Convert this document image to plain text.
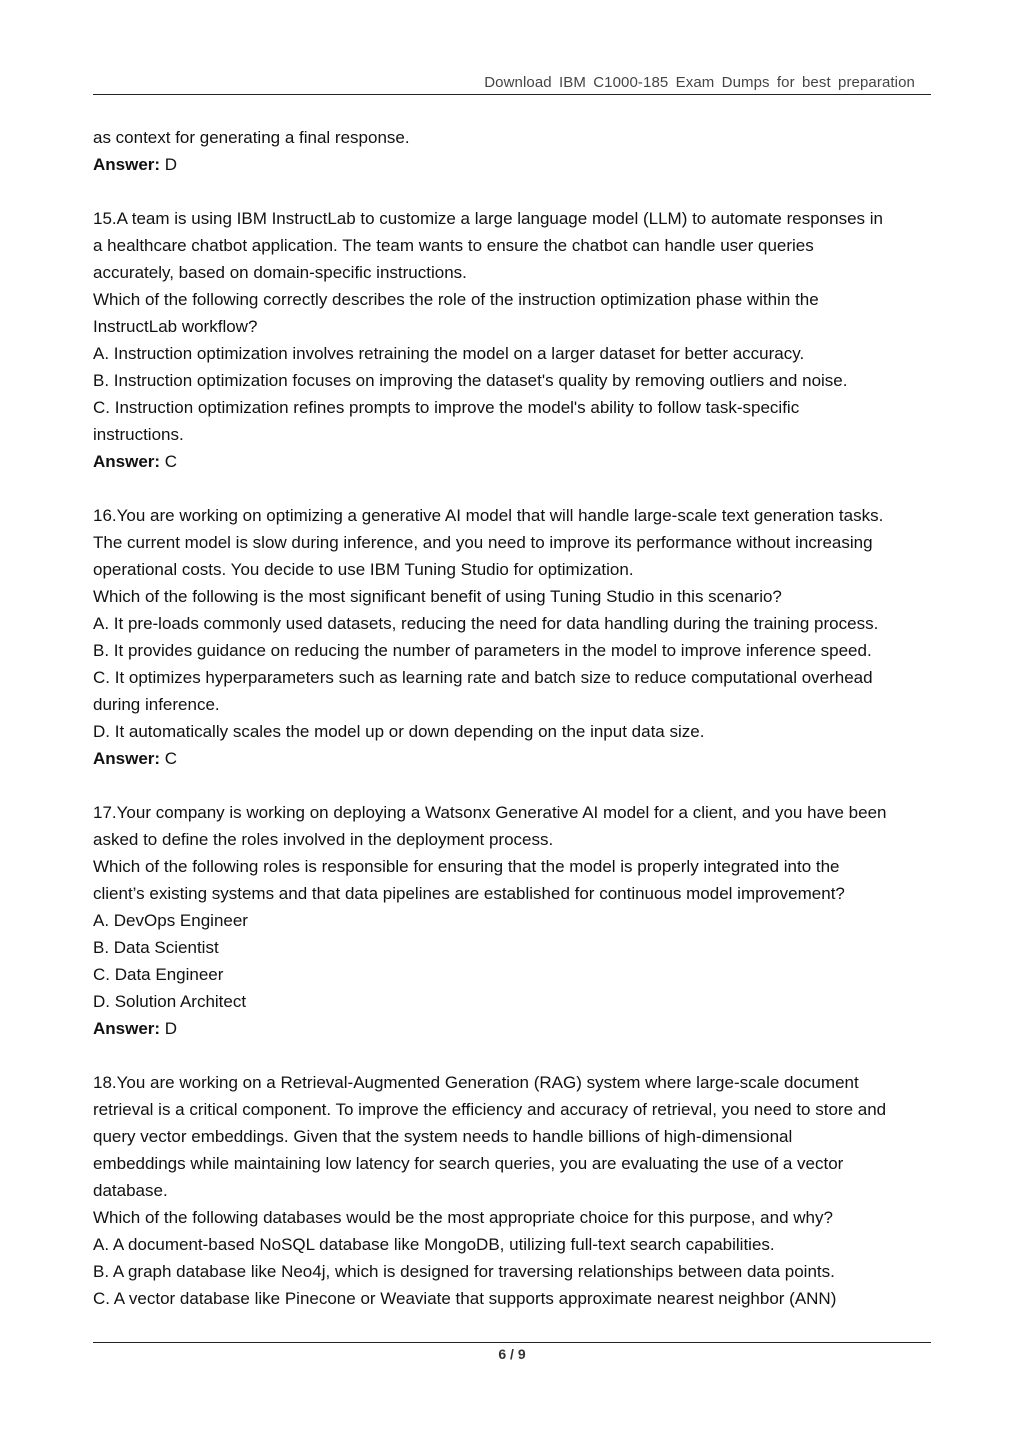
Download IBM C1000-185 Exam Dumps for best preparation

as context for generating a final response.

Answer: D

15.A team is using IBM InstructLab to customize a large language model (LLM) to automate responses in

a healthcare chatbot application. The team wants to ensure the chatbot can handle user queries

accurately, based on domain-specific instructions.

Which of the following correctly describes the role of the instruction optimization phase within the

InstructLab workflow?

A. Instruction optimization involves retraining the model on a larger dataset for better accuracy.

B. Instruction optimization focuses on improving the dataset's quality by removing outliers and noise.

C. Instruction optimization refines prompts to improve the model's ability to follow task-specific

instructions.

Answer: C

16.You are working on optimizing a generative AI model that will handle large-scale text generation tasks.

The current model is slow during inference, and you need to improve its performance without increasing

operational costs. You decide to use IBM Tuning Studio for optimization.

Which of the following is the most significant benefit of using Tuning Studio in this scenario?

A. It pre-loads commonly used datasets, reducing the need for data handling during the training process.

B. It provides guidance on reducing the number of parameters in the model to improve inference speed.

C. It optimizes hyperparameters such as learning rate and batch size to reduce computational overhead

during inference.

D. It automatically scales the model up or down depending on the input data size.

Answer: C

17.Your company is working on deploying a Watsonx Generative AI model for a client, and you have been

asked to define the roles involved in the deployment process.

Which of the following roles is responsible for ensuring that the model is properly integrated into the

client’s existing systems and that data pipelines are established for continuous model improvement?

A. DevOps Engineer

B. Data Scientist

C. Data Engineer

D. Solution Architect

Answer: D

18.You are working on a Retrieval-Augmented Generation (RAG) system where large-scale document

retrieval is a critical component. To improve the efficiency and accuracy of retrieval, you need to store and

query vector embeddings. Given that the system needs to handle billions of high-dimensional

embeddings while maintaining low latency for search queries, you are evaluating the use of a vector

database.

Which of the following databases would be the most appropriate choice for this purpose, and why?

A. A document-based NoSQL database like MongoDB, utilizing full-text search capabilities.

B. A graph database like Neo4j, which is designed for traversing relationships between data points.

C. A vector database like Pinecone or Weaviate that supports approximate nearest neighbor (ANN)

6 / 9
